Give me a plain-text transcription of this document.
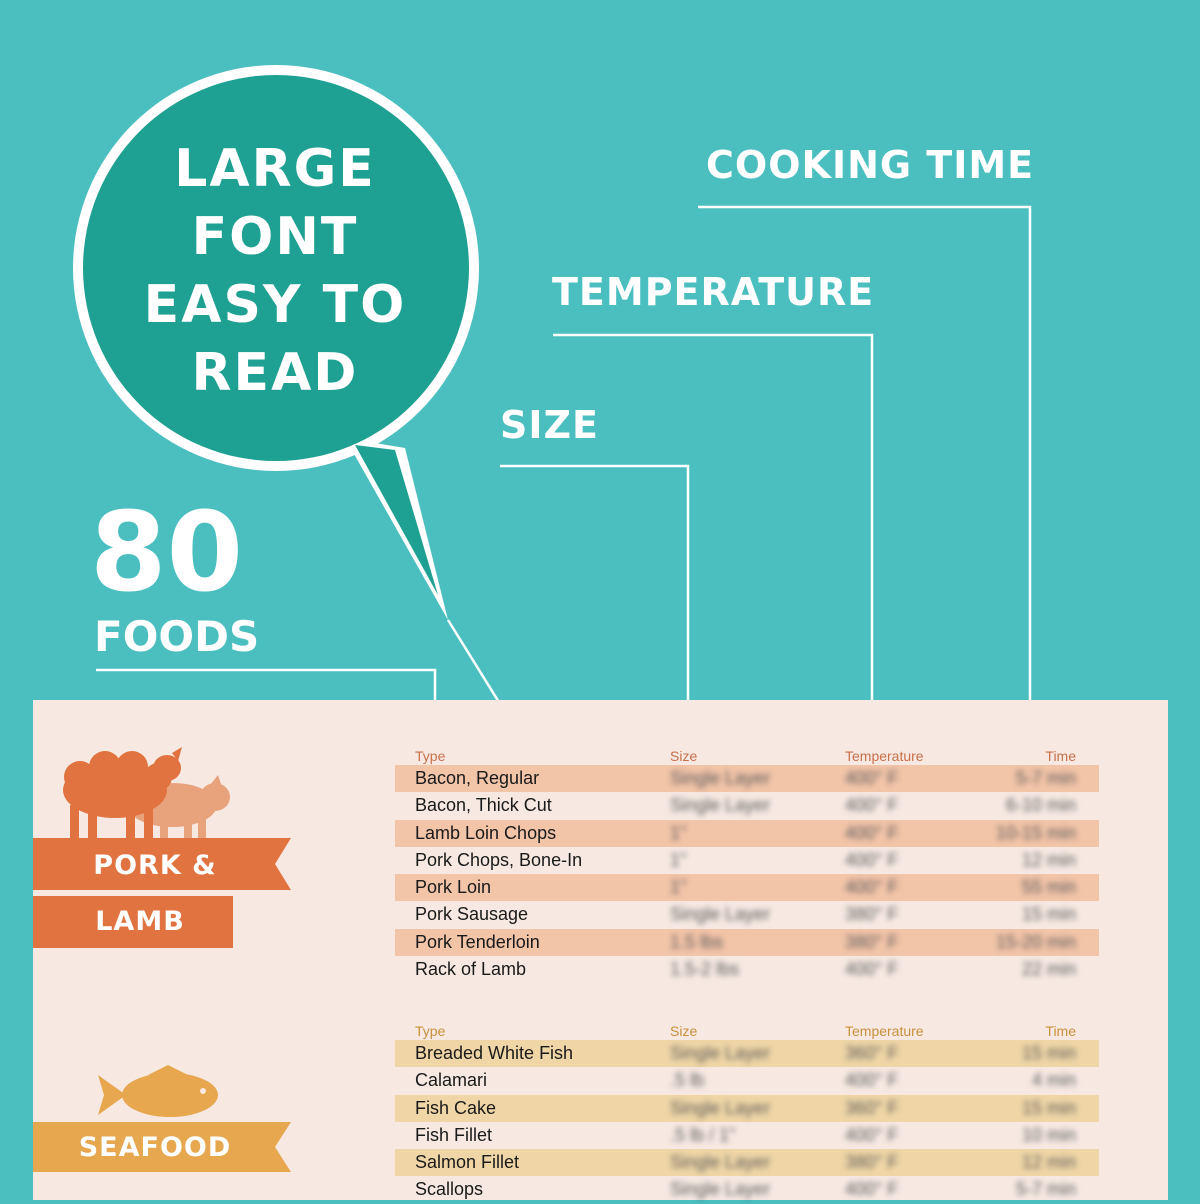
LARGE
FONT
EASY TO
READ
COOKING TIME
TEMPERATURE
SIZE
80
FOODS
PORK &
LAMB
SEAFOOD
Type	Size	Temperature	Time
Bacon, Regular	Single Layer	400° F	5-7 min
Bacon, Thick Cut	Single Layer	400° F	6-10 min
Lamb Loin Chops	1"	400° F	10-15 min
Pork Chops, Bone-In	1"	400° F	12 min
Pork Loin	1"	400° F	55 min
Pork Sausage	Single Layer	380° F	15 min
Pork Tenderloin	1.5 lbs	380° F	15-20 min
Rack of Lamb	1.5-2 lbs	400° F	22 min
Type	Size	Temperature	Time
Breaded White Fish	Single Layer	360° F	15 min
Calamari	.5 lb	400° F	4 min
Fish Cake	Single Layer	360° F	15 min
Fish Fillet	.5 lb / 1"	400° F	10 min
Salmon Fillet	Single Layer	380° F	12 min
Scallops	Single Layer	400° F	5-7 min
